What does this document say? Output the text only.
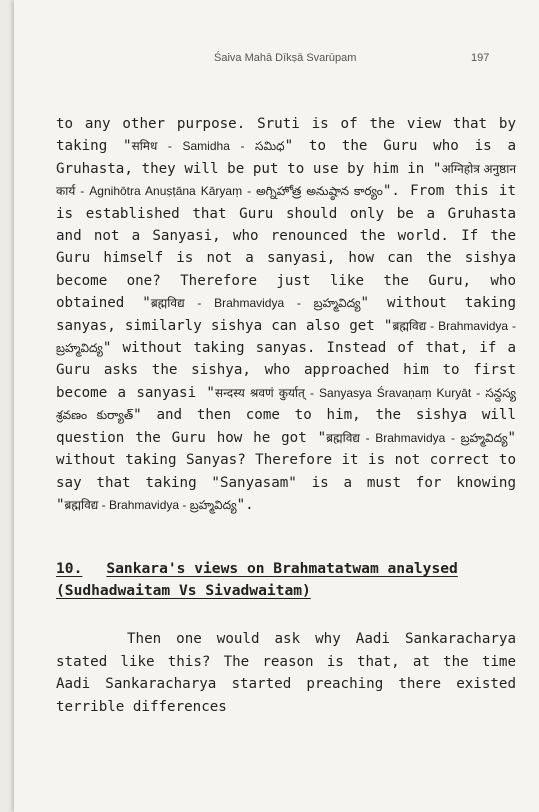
Śaiva Mahā Dīkṣā Svarūpam	197

to any other purpose. Sruti is of the view that by taking "समिध - Samidha - సమిధ" to the Guru who is a Gruhasta, they will be put to use by him in "अग्निहोत्र अनुष्ठान कार्य - Agnihōtra Anuṣṭāna Kāryaṃ - అగ్నిహోత్ర అనుష్ఠాన కార్యం". From this it is established that Guru should only be a Gruhasta and not a Sanyasi, who renounced the world. If the Guru himself is not a sanyasi, how can the sishya become one? Therefore just like the Guru, who obtained "ब्रह्मविद्य - Brahmavidya - బ్రహ్మవిద్య" without taking sanyas, similarly sishya can also get "ब्रह्मविद्य - Brahmavidya - బ్రహ్మవిద్య" without taking sanyas. Instead of that, if a Guru asks the sishya, who approached him to first become a sanyasi "सन्दस्य श्रवणं कुर्यात् - Sanyasya Śravaṇaṃ Kuryāt - సన్దస్య శ్రవణం కుర్యాత్" and then come to him, the sishya will question the Guru how he got "ब्रह्मविद्य - Brahmavidya - బ్రహ్మవిద్య" without taking Sanyas? Therefore it is not correct to say that taking "Sanyasam" is a must for knowing "ब्रह्मविद्य - Brahmavidya - బ్రహ్మవిద్య".

10. Sankara's views on Brahmatatwam analysed (Sudhadwaitam Vs Sivadwaitam)

Then one would ask why Aadi Sankaracharya stated like this? The reason is that, at the time Aadi Sankaracharya started preaching there existed terrible differences
